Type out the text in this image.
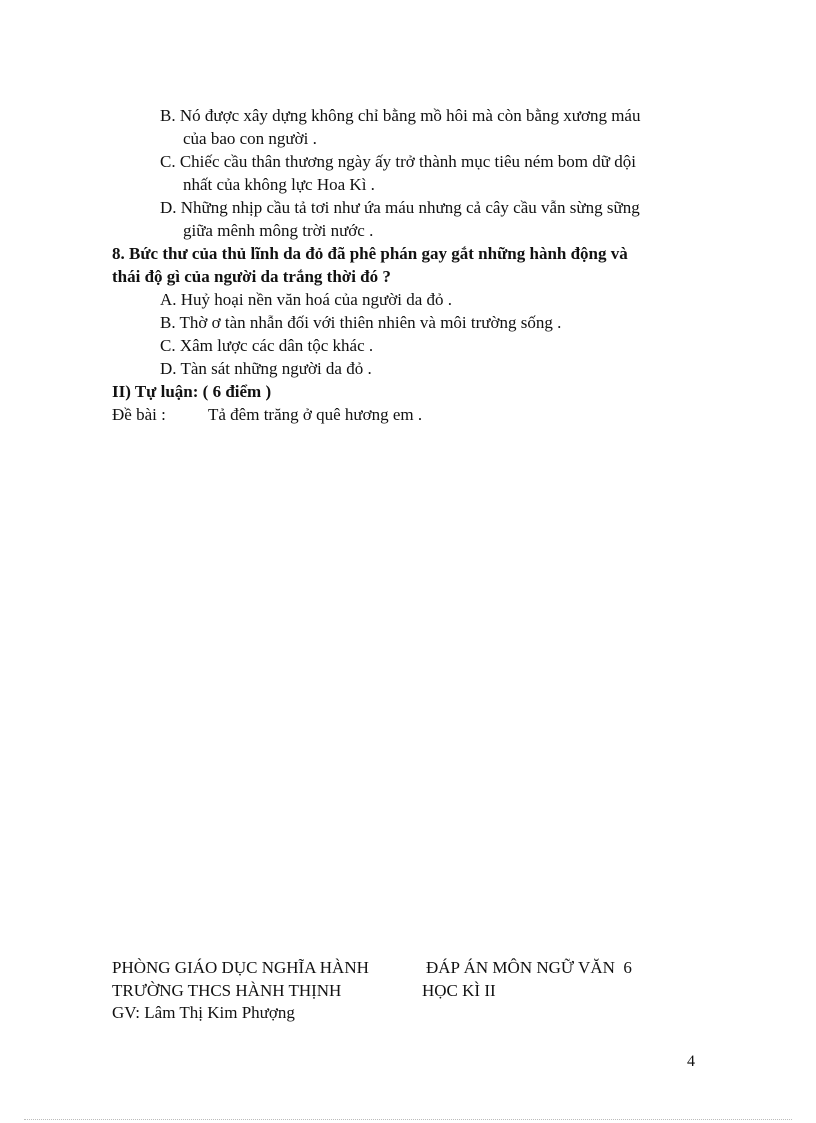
B. Nó được xây dựng không chỉ bằng mồ hôi mà còn bằng xương máu
của bao con người .
C. Chiếc cầu thân thương ngày ấy trở thành mục tiêu ném bom dữ dội
nhất của không lực Hoa Kì .
D. Những nhịp cầu tả tơi như ứa máu nhưng cả cây cầu vẫn sừng sững
giữa mênh mông trời nước .
8. Bức thư của thủ lĩnh da đỏ đã phê phán gay gắt những hành động và
thái độ gì của người da trắng thời đó ?
A. Huỷ hoại nền văn hoá của người da đỏ .
B. Thờ ơ tàn nhẫn đối với thiên nhiên và môi trường sống .
C. Xâm lược các dân tộc khác .
D. Tàn sát những người da đỏ .
II) Tự luận: ( 6 điểm )
Đề bài : Tả đêm trăng ở quê hương em .
PHÒNG GIÁO DỤC NGHĨA HÀNH	ĐÁP ÁN MÔN NGỮ VĂN  6
TRƯỜNG THCS HÀNH THỊNH	HỌC KÌ II
GV: Lâm Thị Kim Phượng
4
